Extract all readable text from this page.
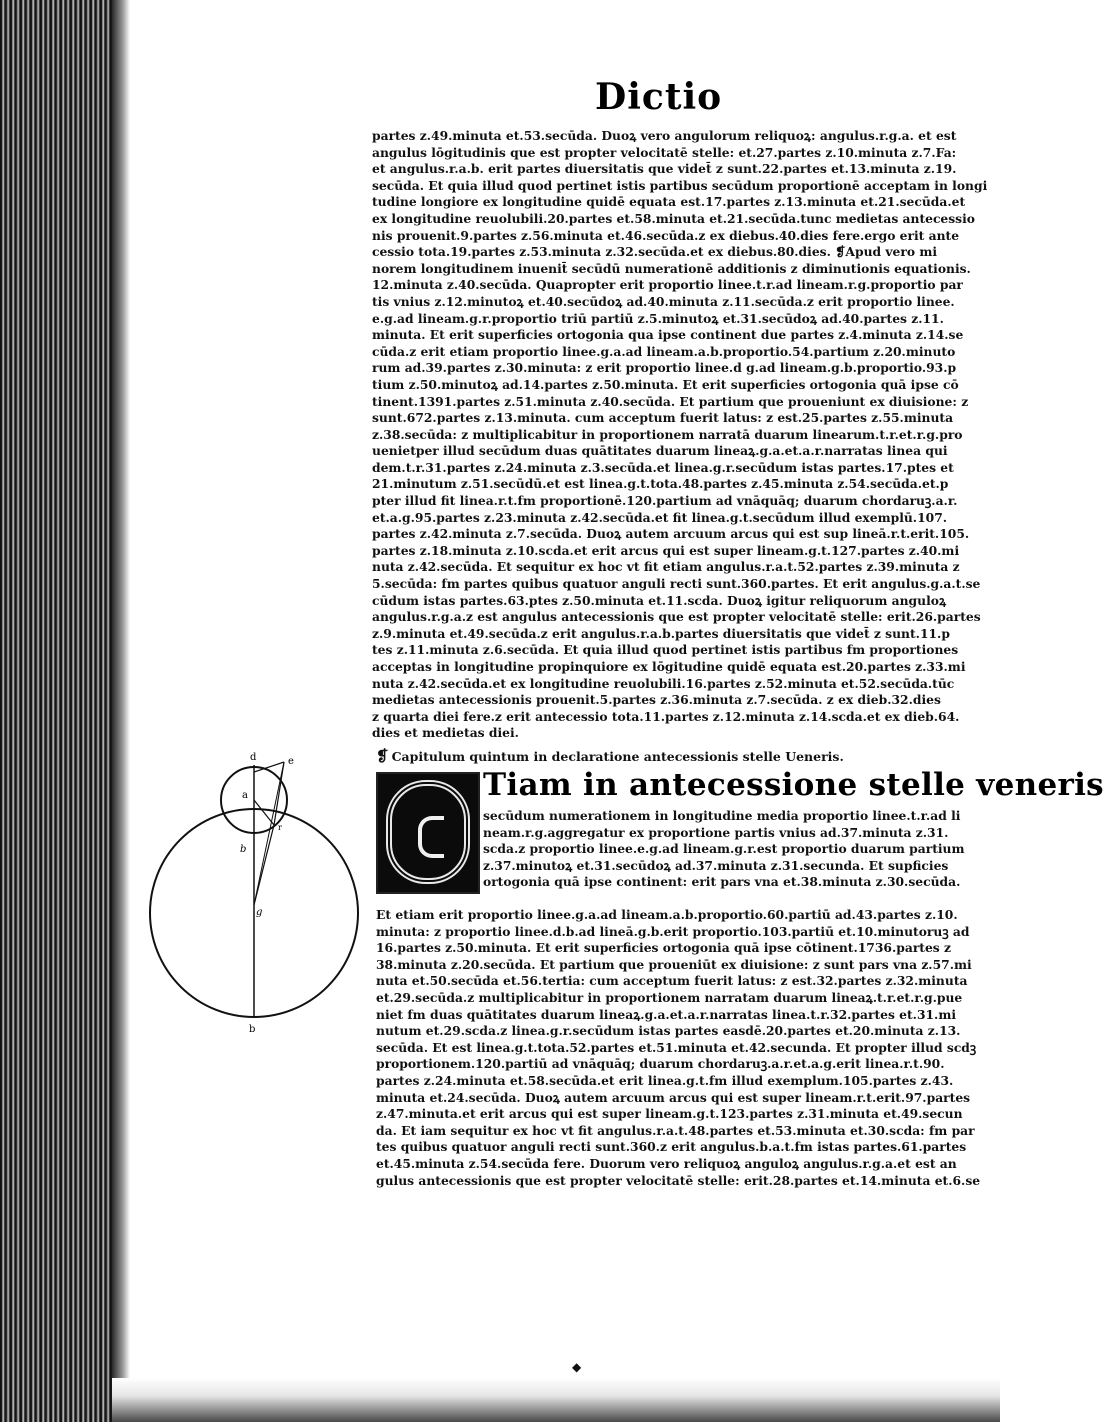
Dictio
partes z.49.minuta et.53.secūda. Duoꝝ vero angulorum reliquoꝝ: angulus.r.g.a. et est
angulus lōgitudinis que est propter velocitatē stelle: et.27.partes z.10.minuta z.7.Fa:
et angulus.r.a.b. erit partes diuersitatis que videt̄ z sunt.22.partes et.13.minuta z.19.
secūda. Et quia illud quod pertinet istis partibus secūdum proportionē acceptam in longi
tudine longiore ex longitudine quidē equata est.17.partes z.13.minuta et.21.secūda.et
ex longitudine reuolubili.20.partes et.58.minuta et.21.secūda.tunc medietas antecessio
nis prouenit.9.partes z.56.minuta et.46.secūda.z ex diebus.40.dies fere.ergo erit ante
cessio tota.19.partes z.53.minuta z.32.secūda.et ex diebus.80.dies. ❡Apud vero mi
norem longitudinem inuenit̄ secūdū numerationē additionis z diminutionis equationis.
12.minuta z.40.secūda. Quapropter erit proportio linee.t.r.ad lineam.r.g.proportio par
tis vnius z.12.minutoꝝ et.40.secūdoꝝ ad.40.minuta z.11.secūda.z erit proportio linee.
e.g.ad lineam.g.r.proportio triū partiū z.5.minutoꝝ et.31.secūdoꝝ ad.40.partes z.11.
minuta. Et erit superficies ortogonia qua ipse continent due partes z.4.minuta z.14.se
cūda.z erit etiam proportio linee.g.a.ad lineam.a.b.proportio.54.partium z.20.minuto
rum ad.39.partes z.30.minuta: z erit proportio linee.d g.ad lineam.g.b.proportio.93.p
tium z.50.minutoꝝ ad.14.partes z.50.minuta. Et erit superficies ortogonia quā ipse cō
tinent.1391.partes z.51.minuta z.40.secūda. Et partium que proueniunt ex diuisione: z
sunt.672.partes z.13.minuta. cum acceptum fuerit latus: z est.25.partes z.55.minuta
z.38.secūda: z multiplicabitur in proportionem narratā duarum linearum.t.r.et.r.g.pro
uenietper illud secūdum duas quātitates duarum lineaꝝ.g.a.et.a.r.narratas linea qui
dem.t.r.31.partes z.24.minuta z.3.secūda.et linea.g.r.secūdum istas partes.17.ptes et
21.minutum z.51.secūdū.et est linea.g.t.tota.48.partes z.45.minuta z.54.secūda.et.p
pter illud fit linea.r.t.fm proportionē.120.partium ad vnāquāq; duarum chordaruꝫ.a.r.
et.a.g.95.partes z.23.minuta z.42.secūda.et fit linea.g.t.secūdum illud exemplū.107.
partes z.42.minuta z.7.secūda. Duoꝝ autem arcuum arcus qui est sup lineā.r.t.erit.105.
partes z.18.minuta z.10.scda.et erit arcus qui est super lineam.g.t.127.partes z.40.mi
nuta z.42.secūda. Et sequitur ex hoc vt fit etiam angulus.r.a.t.52.partes z.39.minuta z
5.secūda: fm partes quibus quatuor anguli recti sunt.360.partes. Et erit angulus.g.a.t.se
cūdum istas partes.63.ptes z.50.minuta et.11.scda. Duoꝝ igitur reliquorum anguloꝝ
angulus.r.g.a.z est angulus antecessionis que est propter velocitatē stelle: erit.26.partes
z.9.minuta et.49.secūda.z erit angulus.r.a.b.partes diuersitatis que videt̄ z sunt.11.p
tes z.11.minuta z.6.secūda. Et quia illud quod pertinet istis partibus fm proportiones
acceptas in longitudine propinquiore ex lōgitudine quidē equata est.20.partes z.33.mi
nuta z.42.secūda.et ex longitudine reuolubili.16.partes z.52.minuta et.52.secūda.tūc
medietas antecessionis prouenit.5.partes z.36.minuta z.7.secūda. z ex dieb.32.dies
z quarta diei fere.z erit antecessio tota.11.partes z.12.minuta z.14.scda.et ex dieb.64.
dies et medietas diei.
❡ Capitulum quintum in declaratione antecessionis stelle Ueneris.
Tiam in antecessione stelle veneris
secūdum numerationem in longitudine media proportio linee.t.r.ad li
neam.r.g.aggregatur ex proportione partis vnius ad.37.minuta z.31.
scda.z proportio linee.e.g.ad lineam.g.r.est proportio duarum partium
z.37.minutoꝝ et.31.secūdoꝝ ad.37.minuta z.31.secunda. Et supficies
ortogonia quā ipse continent: erit pars vna et.38.minuta z.30.secūda.
Et etiam erit proportio linee.g.a.ad lineam.a.b.proportio.60.partiū ad.43.partes z.10.
minuta: z proportio linee.d.b.ad lineā.g.b.erit proportio.103.partiū et.10.minutoruꝫ ad
16.partes z.50.minuta. Et erit superficies ortogonia quā ipse cōtinent.1736.partes z
38.minuta z.20.secūda. Et partium que proueniūt ex diuisione: z sunt pars vna z.57.mi
nuta et.50.secūda et.56.tertia: cum acceptum fuerit latus: z est.32.partes z.32.minuta
et.29.secūda.z multiplicabitur in proportionem narratam duarum lineaꝝ.t.r.et.r.g.pue
niet fm duas quātitates duarum lineaꝝ.g.a.et.a.r.narratas linea.t.r.32.partes et.31.mi
nutum et.29.scda.z linea.g.r.secūdum istas partes easdē.20.partes et.20.minuta z.13.
secūda. Et est linea.g.t.tota.52.partes et.51.minuta et.42.secunda. Et propter illud scdꝫ
proportionem.120.partiū ad vnāquāq; duarum chordaruꝫ.a.r.et.a.g.erit linea.r.t.90.
partes z.24.minuta et.58.secūda.et erit linea.g.t.fm illud exemplum.105.partes z.43.
minuta et.24.secūda. Duoꝝ autem arcuum arcus qui est super lineam.r.t.erit.97.partes
z.47.minuta.et erit arcus qui est super lineam.g.t.123.partes z.31.minuta et.49.secun
da. Et iam sequitur ex hoc vt fit angulus.r.a.t.48.partes et.53.minuta et.30.scda: fm par
tes quibus quatuor anguli recti sunt.360.z erit angulus.b.a.t.fm istas partes.61.partes
et.45.minuta z.54.secūda fere. Duorum vero reliquoꝝ anguloꝝ angulus.r.g.a.et est an
gulus antecessionis que est propter velocitatē stelle: erit.28.partes et.14.minuta et.6.se
d	e
a
b
r
g
b
◆
